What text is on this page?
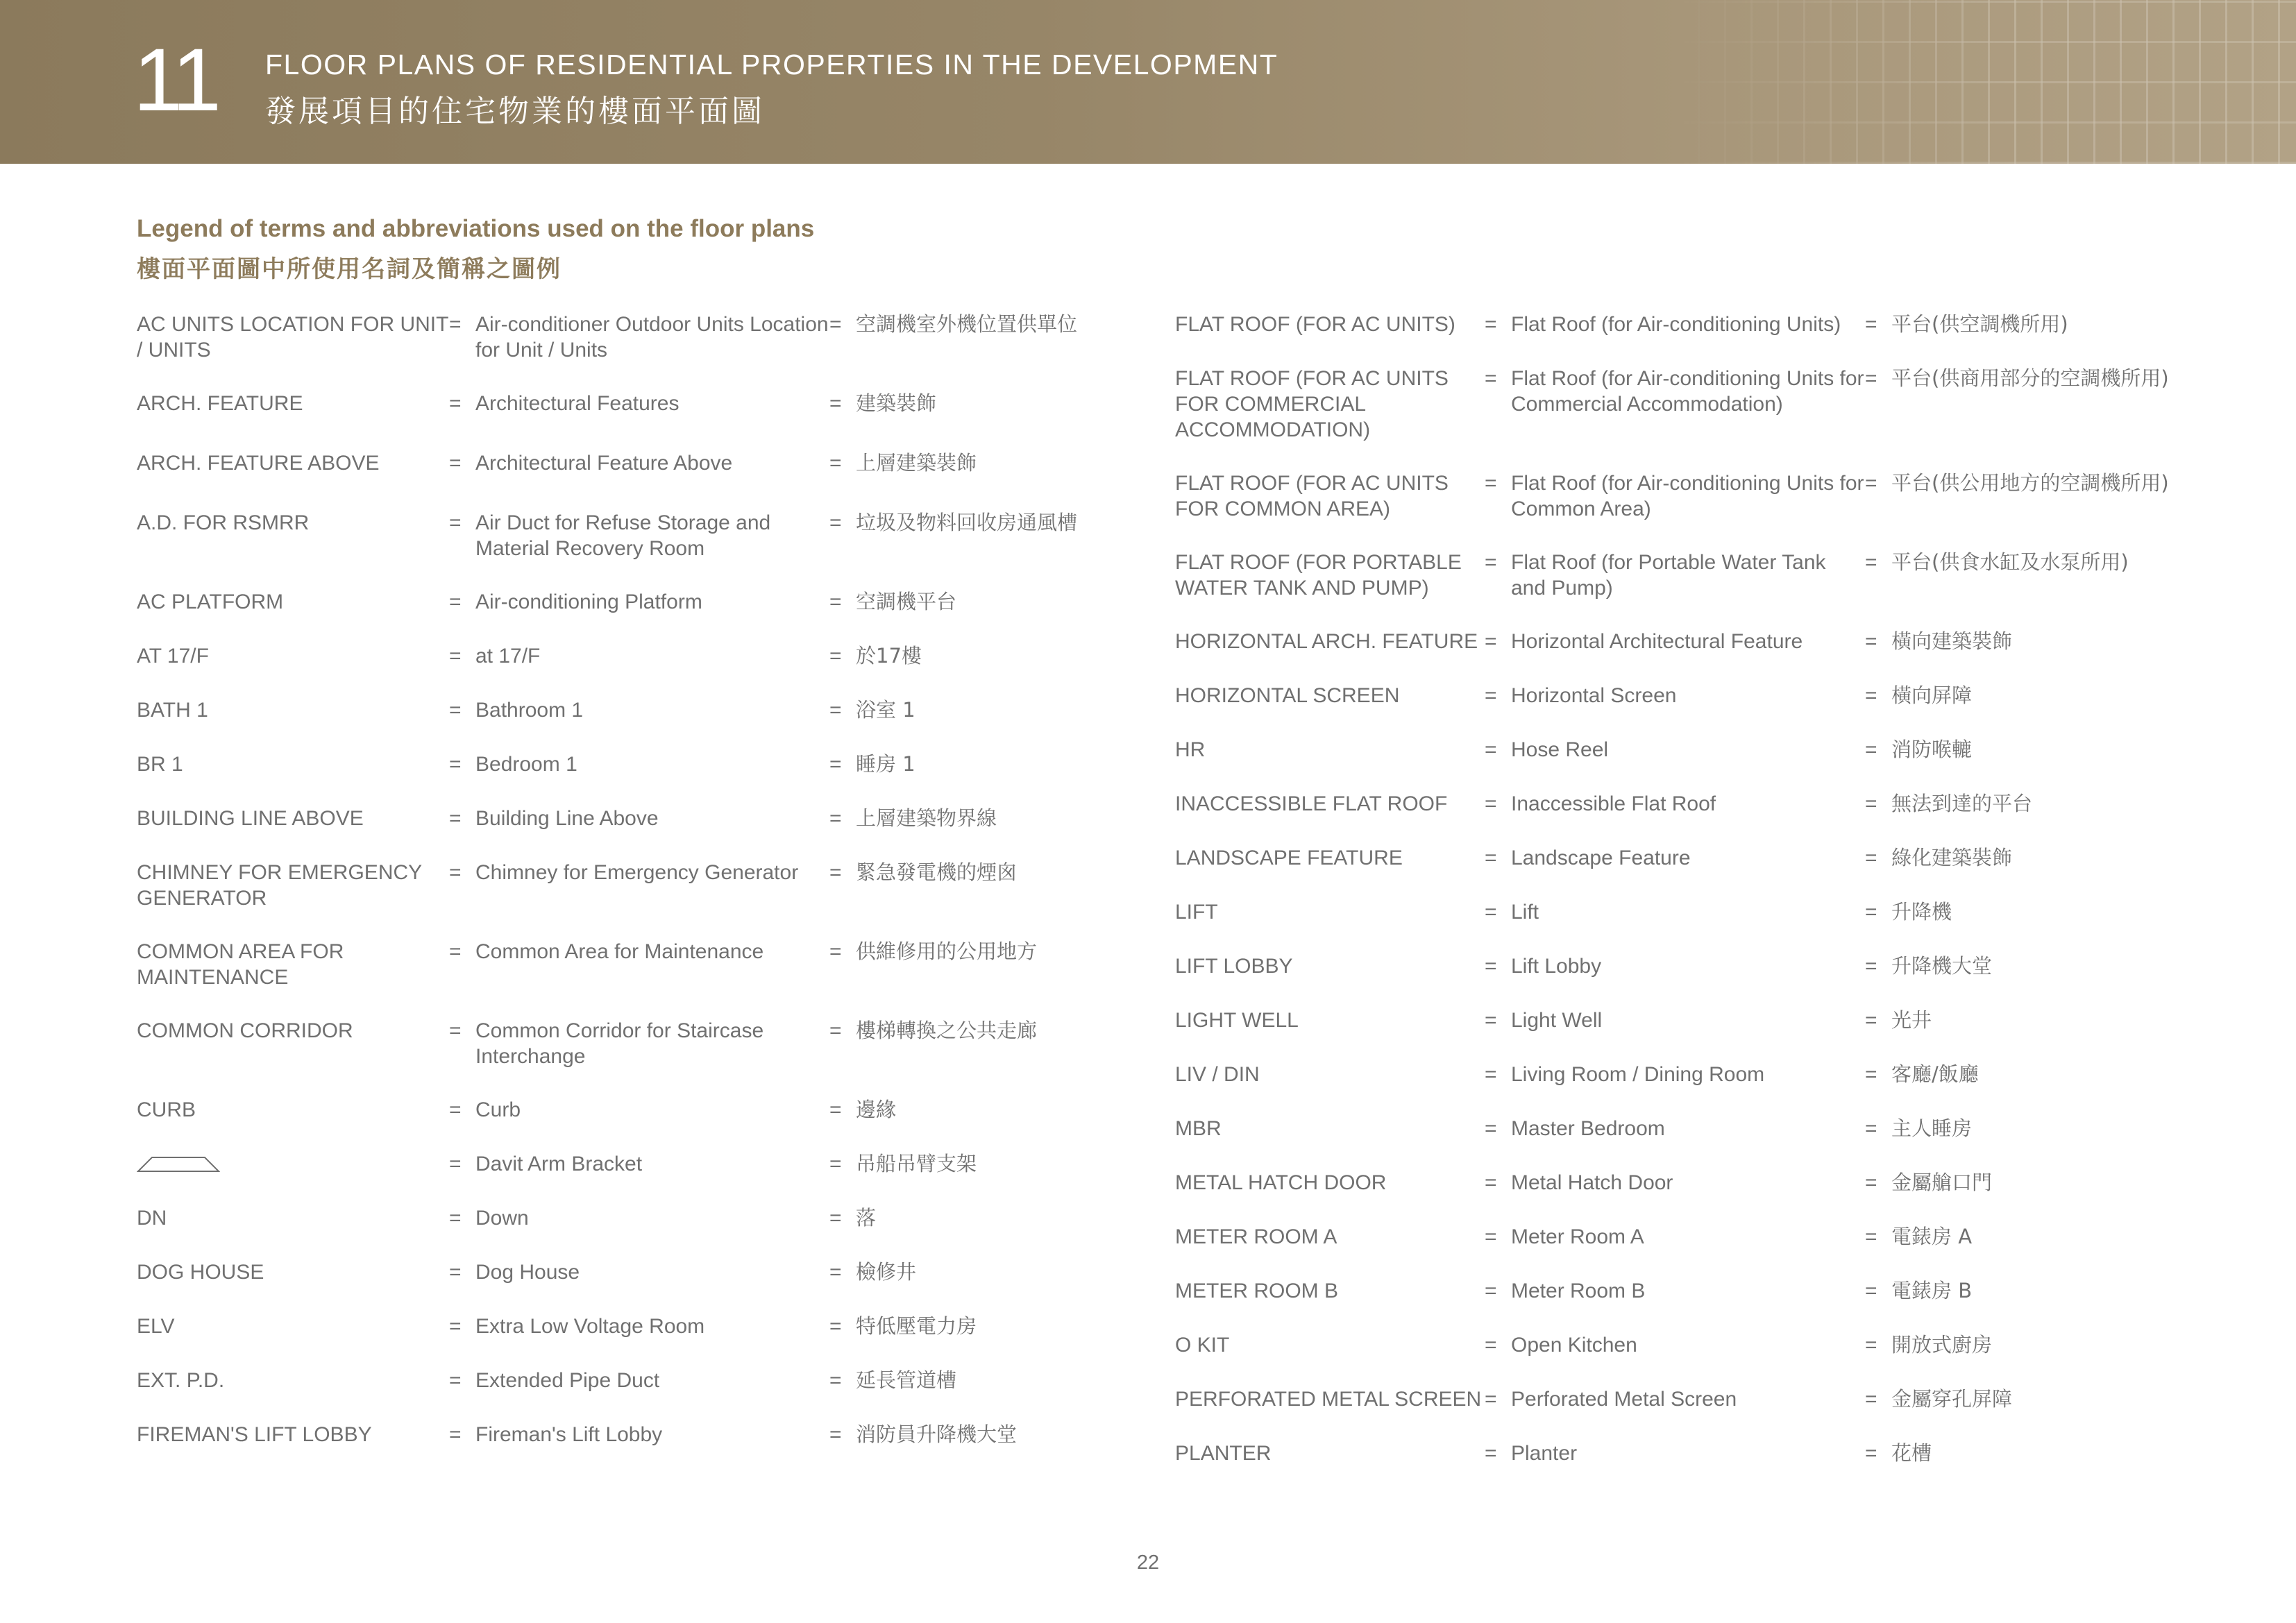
11 FLOOR PLANS OF RESIDENTIAL PROPERTIES IN THE DEVELOPMENT
發展項目的住宅物業的樓面平面圖
Legend of terms and abbreviations used on the floor plans
樓面平面圖中所使用名詞及簡稱之圖例
AC UNITS LOCATION FOR UNIT / UNITS
= Air-conditioner Outdoor Units Location for Unit / Units
= 空調機室外機位置供單位
ARCH. FEATURE	= Architectural Features	= 建築裝飾
ARCH. FEATURE ABOVE	= Architectural Feature Above	= 上層建築裝飾
A.D. FOR RSMRR	= Air Duct for Refuse Storage and Material Recovery Room
= 垃圾及物料回收房通風槽
AC PLATFORM	= Air-conditioning Platform	= 空調機平台
AT 17/F	= at 17/F	= 於17樓
BATH 1	= Bathroom 1	= 浴室 1
BR 1	= Bedroom 1	= 睡房 1
BUILDING LINE ABOVE	= Building Line Above	= 上層建築物界線
CHIMNEY FOR EMERGENCY GENERATOR
= Chimney for Emergency Generator	= 緊急發電機的煙囪
COMMON AREA FOR MAINTENANCE
= Common Area for Maintenance	= 供維修用的公用地方
COMMON CORRIDOR	= Common Corridor for Staircase Interchange
= 樓梯轉換之公共走廊
CURB	= Curb	= 邊緣
= Davit Arm Bracket	= 吊船吊臂支架
DN	= Down	= 落
DOG HOUSE	= Dog House	= 檢修井
ELV	= Extra Low Voltage Room	= 特低壓電力房
EXT. P.D.	= Extended Pipe Duct	= 延長管道槽
FIREMAN'S LIFT LOBBY	= Fireman's Lift Lobby	= 消防員升降機大堂
FLAT ROOF (FOR AC UNITS)	= Flat Roof (for Air-conditioning Units)	= 平台(供空調機所用)
FLAT ROOF (FOR AC UNITS FOR COMMERCIAL ACCOMMODATION)
= Flat Roof (for Air-conditioning Units for Commercial Accommodation)
= 平台(供商用部分的空調機所用)
FLAT ROOF (FOR AC UNITS FOR COMMON AREA)
= Flat Roof (for Air-conditioning Units for Common Area)
= 平台(供公用地方的空調機所用)
FLAT ROOF (FOR PORTABLE WATER TANK AND PUMP)
= Flat Roof (for Portable Water Tank and Pump)
= 平台(供食水缸及水泵所用)
HORIZONTAL ARCH. FEATURE = Horizontal Architectural Feature	= 橫向建築裝飾
HORIZONTAL SCREEN	= Horizontal Screen	= 橫向屏障
HR	= Hose Reel	= 消防喉轆
INACCESSIBLE FLAT ROOF	= Inaccessible Flat Roof	= 無法到達的平台
LANDSCAPE FEATURE	= Landscape Feature	= 綠化建築裝飾
LIFT	= Lift	= 升降機
LIFT LOBBY	= Lift Lobby	= 升降機大堂
LIGHT WELL	= Light Well	= 光井
LIV / DIN	= Living Room / Dining Room	= 客廳/飯廳
MBR	= Master Bedroom	= 主人睡房
METAL HATCH DOOR	= Metal Hatch Door	= 金屬艙口門
METER ROOM A	= Meter Room A	= 電錶房 A
METER ROOM B	= Meter Room B	= 電錶房 B
O KIT	= Open Kitchen	= 開放式廚房
PERFORATED METAL SCREEN = Perforated Metal Screen	= 金屬穿孔屏障
PLANTER	= Planter	= 花槽
22
